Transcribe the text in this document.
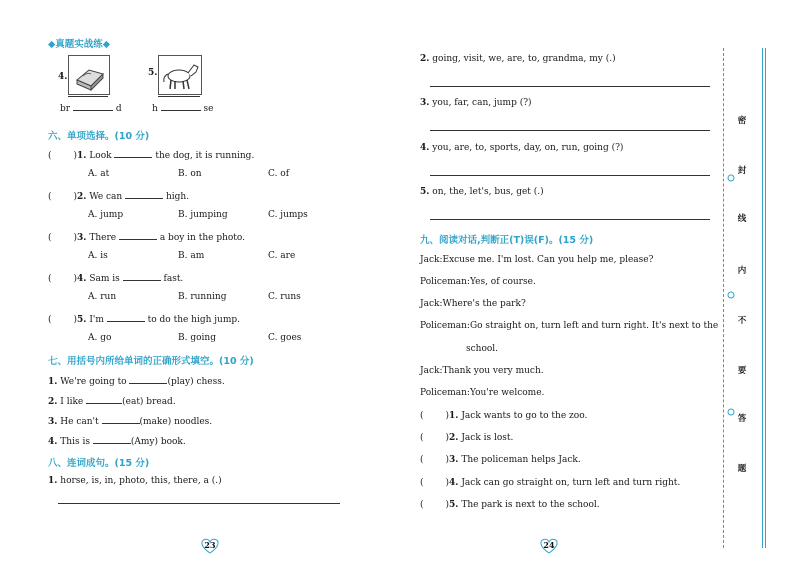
◆真题实战练◆
4.
br	d
5.
h	se
六、单项选择。(10 分)
( )1. Look	the dog, it is running.
A. at	B. on	C. of
( )2. We can	high.
A. jump	B. jumping	C. jumps
( )3. There	a boy in the photo.
A. is	B. am	C. are
( )4. Sam is	fast.
A. run	B. running	C. runs
( )5. I'm	to do the high jump.
A. go	B. going	C. goes
七、用括号内所给单词的正确形式填空。(10 分)
1. We're going to	(play) chess.
2. I like	(eat) bread.
3. He can't	(make) noodles.
4. This is	(Amy) book.
八、连词成句。(15 分)
1. horse, is, in, photo, this, there, a (.)
23
2. going, visit, we, are, to, grandma, my (.)
3. you, far, can, jump (?)
4. you, are, to, sports, day, on, run, going (?)
5. on, the, let's, bus, get (.)
九、阅读对话,判断正(T)误(F)。(15 分)
Jack:Excuse me. I'm lost. Can you help me, please?
Policeman:Yes, of course.
Jack:Where's the park?
Policeman:Go straight on, turn left and turn right. It's next to the
school.
Jack:Thank you very much.
Policeman:You're welcome.
( )1. Jack wants to go to the zoo.
( )2. Jack is lost.
( )3. The policeman helps Jack.
( )4. Jack can go straight on, turn left and turn right.
( )5. The park is next to the school.
24
密
封
线
内
不
要
答
题
